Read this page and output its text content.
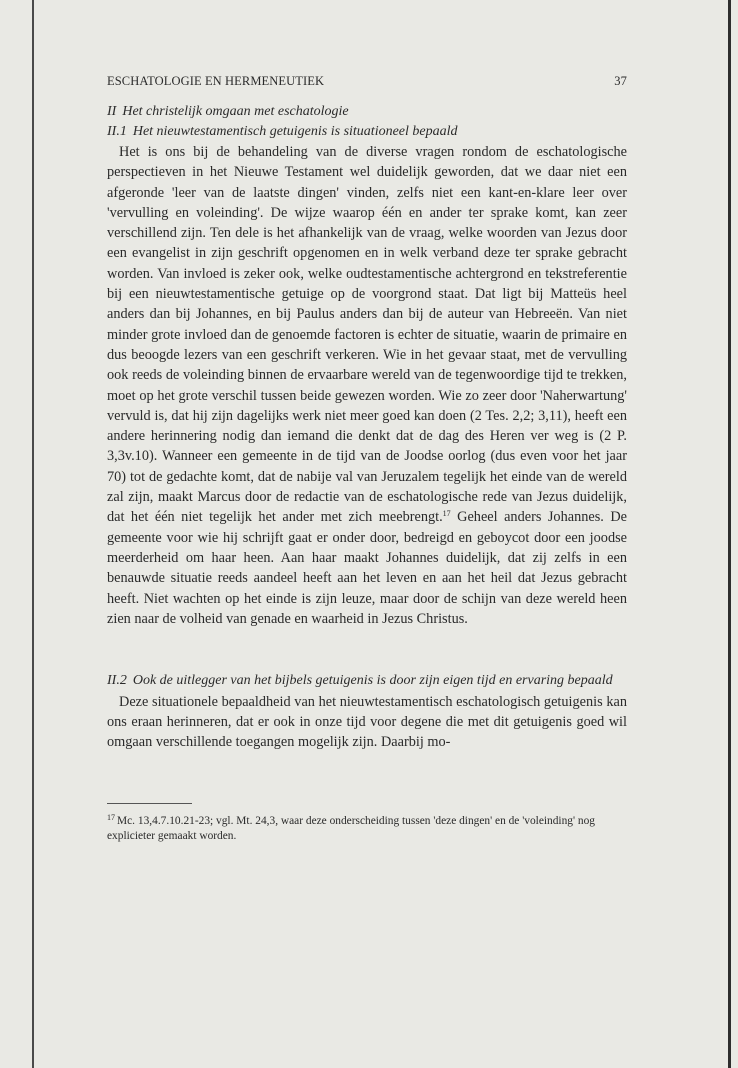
ESCHATOLOGIE EN HERMENEUTIEK	37
II Het christelijk omgaan met eschatologie
II.1 Het nieuwtestamentisch getuigenis is situationeel bepaald

Het is ons bij de behandeling van de diverse vragen rondom de eschatologische perspectieven in het Nieuwe Testament wel duidelijk geworden, dat we daar niet een afgeronde 'leer van de laatste dingen' vinden, zelfs niet een kant-en-klare leer over 'vervulling en voleinding'. De wijze waarop één en ander ter sprake komt, kan zeer verschillend zijn. Ten dele is het afhankelijk van de vraag, welke woorden van Jezus door een evangelist in zijn geschrift opgenomen en in welk verband deze ter sprake gebracht worden. Van invloed is zeker ook, welke oudtestamentische achtergrond en tekstreferentie bij een nieuwtestamentische getuige op de voorgrond staat. Dat ligt bij Matteüs heel anders dan bij Johannes, en bij Paulus anders dan bij de auteur van Hebreeën. Van niet minder grote invloed dan de genoemde factoren is echter de situatie, waarin de primaire en dus beoogde lezers van een geschrift verkeren. Wie in het gevaar staat, met de vervulling ook reeds de voleinding binnen de ervaarbare wereld van de tegenwoordige tijd te trekken, moet op het grote verschil tussen beide gewezen worden. Wie zo zeer door 'Naherwartung' vervuld is, dat hij zijn dagelijks werk niet meer goed kan doen (2 Tes. 2,2; 3,11), heeft een andere herinnering nodig dan iemand die denkt dat de dag des Heren ver weg is (2 P. 3,3v.10). Wanneer een gemeente in de tijd van de Joodse oorlog (dus even voor het jaar 70) tot de gedachte komt, dat de nabije val van Jeruzalem tegelijk het einde van de wereld zal zijn, maakt Marcus door de redactie van de eschatologische rede van Jezus duidelijk, dat het één niet tegelijk het ander met zich meebrengt.$^{17}$ Geheel anders Johannes. De gemeente voor wie hij schrijft gaat er onder door, bedreigd en geboycot door een joodse meerderheid om haar heen. Aan haar maakt Johannes duidelijk, dat zij zelfs in een benauwde situatie reeds aandeel heeft aan het leven en aan het heil dat Jezus gebracht heeft. Niet wachten op het einde is zijn leuze, maar door de schijn van deze wereld heen zien naar de volheid van genade en waarheid in Jezus Christus.

II.2 Ook de uitlegger van het bijbels getuigenis is door zijn eigen tijd en ervaring bepaald

Deze situationele bepaaldheid van het nieuwtestamentisch eschatologisch getuigenis kan ons eraan herinneren, dat er ook in onze tijd voor degene die met dit getuigenis goed wil omgaan verschillende toegangen mogelijk zijn. Daarbij mo-

$^{17}$ Mc. 13,4.7.10.21-23; vgl. Mt. 24,3, waar deze onderscheiding tussen 'deze dingen' en de 'voleinding' nog explicieter gemaakt worden.
